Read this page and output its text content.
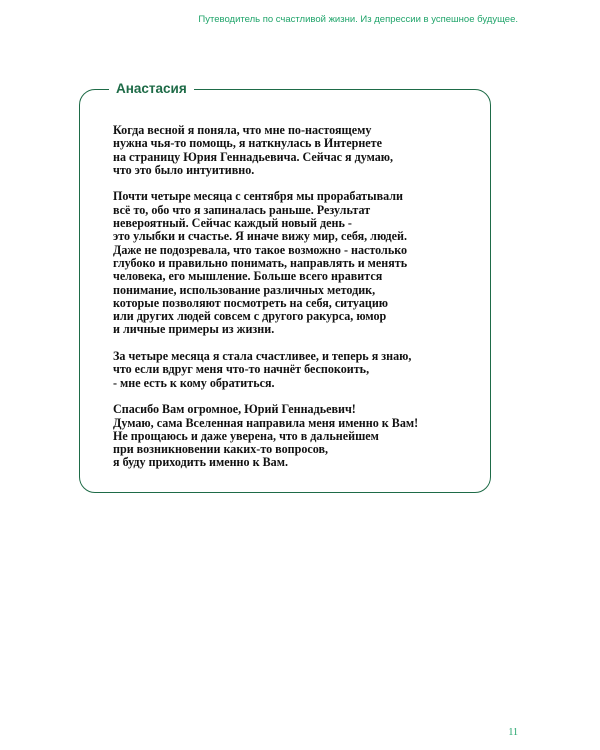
Путеводитель по счастливой жизни. Из депрессии в успешное будущее.
Анастасия

Когда весной я поняла, что мне по-настоящему
нужна чья-то помощь, я наткнулась в Интернете
на страницу Юрия Геннадьевича. Сейчас я думаю,
что это было интуитивно.

Почти четыре месяца с сентября мы прорабатывали
всё то, обо что я запиналась раньше. Результат
невероятный. Сейчас каждый новый день -
это улыбки и счастье. Я иначе вижу мир, себя, людей.
Даже не подозревала, что такое возможно - настолько
глубоко и правильно понимать, направлять и менять
человека, его мышление. Больше всего нравится
понимание, использование различных методик,
которые позволяют посмотреть на себя, ситуацию
или других людей совсем с другого ракурса, юмор
и личные примеры из жизни.

За четыре месяца я стала счастливее, и теперь я знаю,
что если вдруг меня что-то начнёт беспокоить,
- мне есть к кому обратиться.

Спасибо Вам огромное, Юрий Геннадьевич!
Думаю, сама Вселенная направила меня именно к Вам!
Не прощаюсь и даже уверена, что в дальнейшем
при возникновении каких-то вопросов,
я буду приходить именно к Вам.

11
